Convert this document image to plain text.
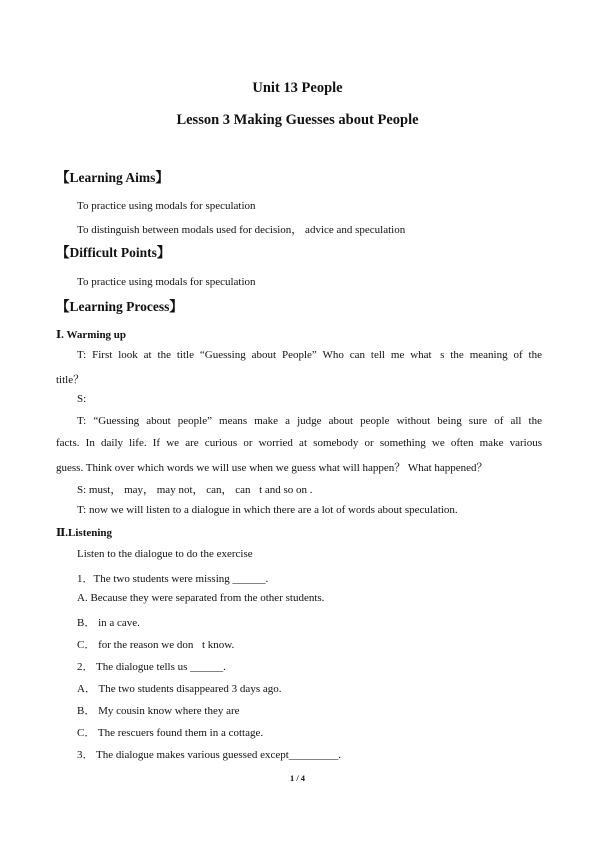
Unit 13 People
Lesson 3 Making Guesses about People
【Learning Aims】
To practice using modals for speculation
To distinguish between modals used for decision， advice and speculation
【Difficult Points】
To practice using modals for speculation
【Learning Process】
Ⅰ. Warming up
T: First look at the title “Guessing about People” Who can tell me what s the meaning of the
title？
S:
T: “Guessing about people” means make a judge about people without being sure of all the
facts. In daily life. If we are curious or worried at somebody or something we often make various
guess. Think over which words we will use when we guess what will happen？ What happened？
S: must， may， may not， can， can t and so on .
T: now we will listen to a dialogue in which there are a lot of words about speculation.
Ⅱ.Listening
Listen to the dialogue to do the exercise
1．The two students were missing ______.
A. Because they were separated from the other students.
B． in a cave.
C． for the reason we don t know.
2． The dialogue tells us ______.
A． The two students disappeared 3 days ago.
B． My cousin know where they are
C． The rescuers found them in a cottage.
3． The dialogue makes various guessed except_________.
1 / 4
